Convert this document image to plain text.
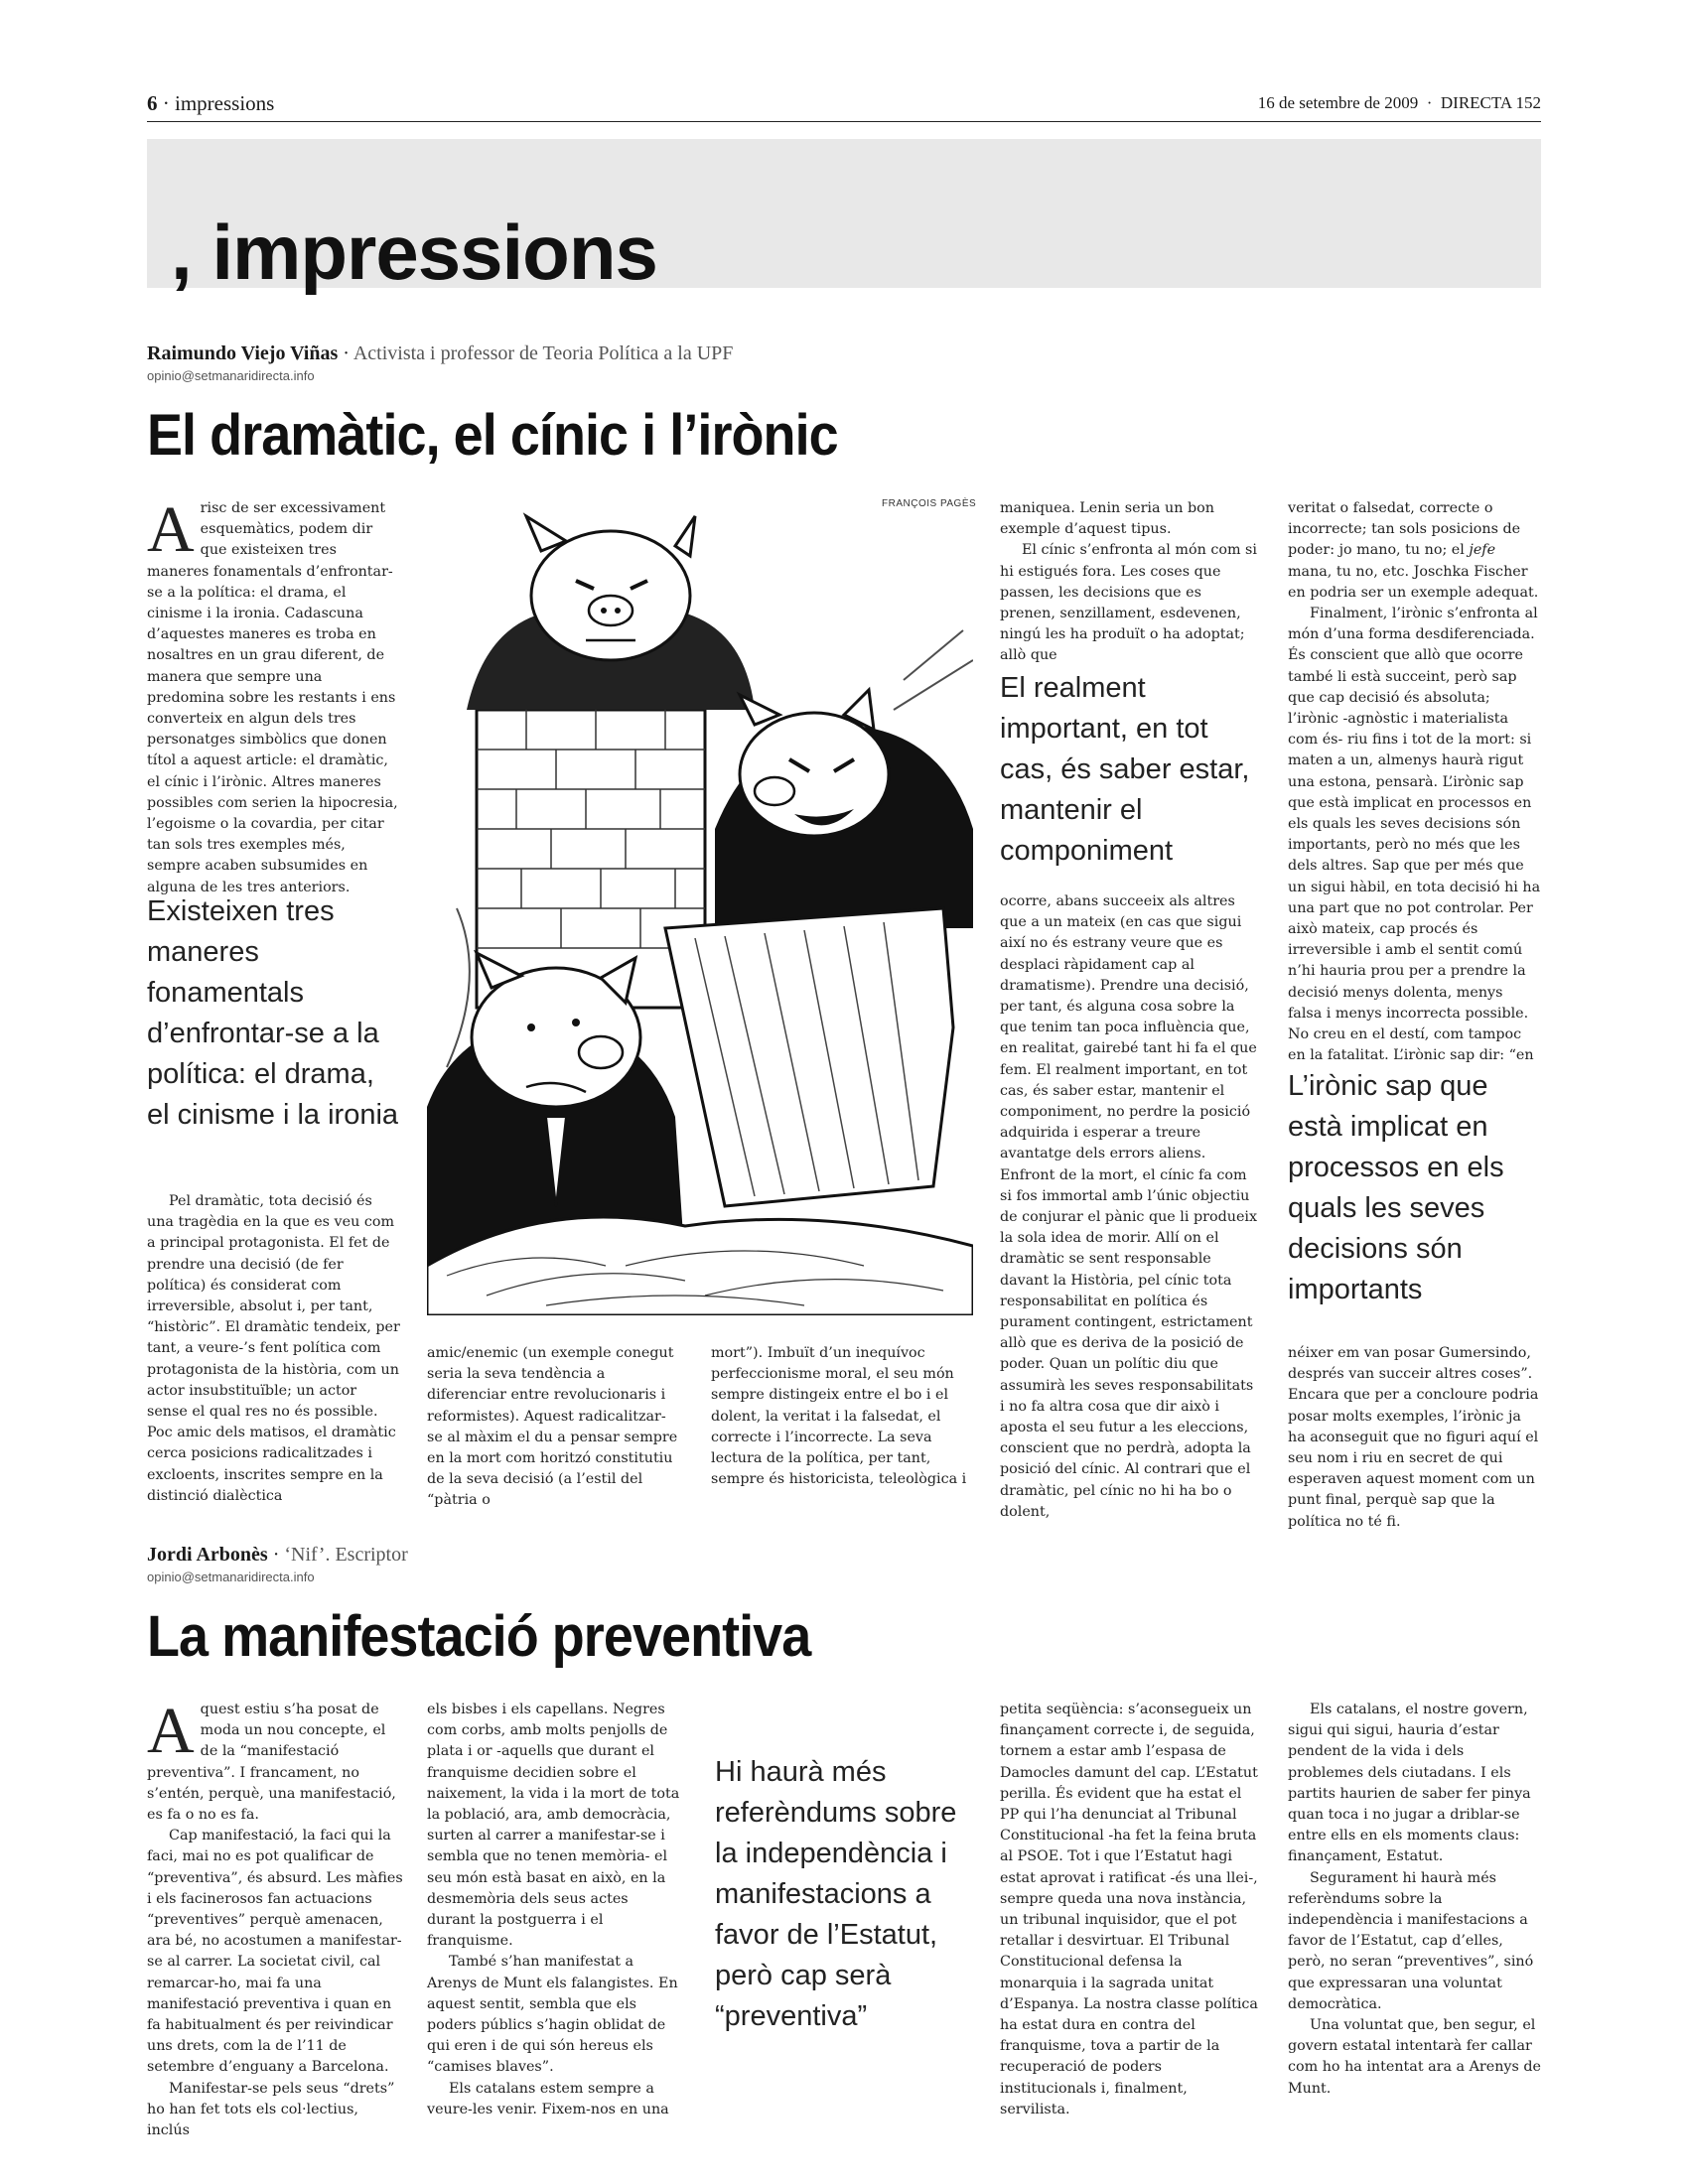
6 · impressions	16 de setembre de 2009 · DIRECTA 152
, impressions
Raimundo Viejo Viñas · Activista i professor de Teoria Política a la UPF
opinio@setmanaridirecta.info
El dramàtic, el cínic i l’irònic
A risc de ser excessivament esquemàtics, podem dir que existeixen tres maneres fonamentals d’enfrontar-se a la política: el drama, el cinisme i la ironia. Cadascuna d’aquestes maneres es troba en nosaltres en un grau diferent, de manera que sempre una predomina sobre les restants i ens converteix en algun dels tres personatges simbòlics que donen títol a aquest article: el dramàtic, el cínic i l’irònic. Altres maneres possibles com serien la hipocresia, l’egoisme o la covardia, per citar tan sols tres exemples més, sempre acaben subsumides en alguna de les tres anteriors.

Existeixen tres maneres fonamentals d’enfrontar-se a la política: el drama, el cinisme i la ironia

Pel dramàtic, tota decisió és una tragèdia en la que es veu com a principal protagonista. El fet de prendre una decisió (de fer política) és considerat com irreversible, absolut i, per tant, “històric”. El dramàtic tendeix, per tant, a veure-’s fent política com protagonista de la història, com un actor insubstituïble; un actor sense el qual res no és possible. Poc amic dels matisos, el dramàtic cerca posicions radicalitzades i excloents, inscrites sempre en la distinció dialèctica

FRANÇOIS PAGÈS

amic/enemic (un exemple conegut seria la seva tendència a diferenciar entre revolucionaris i reformistes). Aquest radicalitzar-se al màxim el du a pensar sempre en la mort com horitzó constitutiu de la seva decisió (a l’estil del “pàtria o

mort”). Imbuït d’un inequívoc perfeccionisme moral, el seu món sempre distingeix entre el bo i el dolent, la veritat i la falsedat, el correcte i l’incorrecte. La seva lectura de la política, per tant, sempre és historicista, teleològica i

maniquea. Lenin seria un bon exemple d’aquest tipus.

El cínic s’enfronta al món com si hi estigués fora. Les coses que passen, les decisions que es prenen, senzillament, esdevenen, ningú les ha produït o ha adoptat; allò que

El realment important, en tot cas, és saber estar, mantenir el componiment

ocorre, abans succeeix als altres que a un mateix (en cas que sigui així no és estrany veure que es desplaci ràpidament cap al dramatisme). Prendre una decisió, per tant, és alguna cosa sobre la que tenim tan poca influència que, en realitat, gairebé tant hi fa el que fem. El realment important, en tot cas, és saber estar, mantenir el componiment, no perdre la posició adquirida i esperar a treure avantatge dels errors aliens. Enfront de la mort, el cínic fa com si fos immortal amb l’únic objectiu de conjurar el pànic que li produeix la sola idea de morir. Allí on el dramàtic se sent responsable davant la Història, pel cínic tota responsabilitat en política és purament contingent, estrictament allò que es deriva de la posició de poder. Quan un polític diu que assumirà les seves responsabilitats i no fa altra cosa que dir això i aposta el seu futur a les eleccions, conscient que no perdrà, adopta la posició del cínic. Al contrari que el dramàtic, pel cínic no hi ha bo o dolent,

veritat o falsedat, correcte o incorrecte; tan sols posicions de poder: jo mano, tu no; el jefe mana, tu no, etc. Joschka Fischer en podria ser un exemple adequat.

Finalment, l’irònic s’enfronta al món d’una forma desdiferenciada. És conscient que allò que ocorre també li està succeint, però sap que cap decisió és absoluta; l’irònic -agnòstic i materialista com és- riu fins i tot de la mort: si maten a un, almenys haurà rigut una estona, pensarà. L’irònic sap que està implicat en processos en els quals les seves decisions són importants, però no més que les dels altres. Sap que per més que un sigui hàbil, en tota decisió hi ha una part que no pot controlar. Per això mateix, cap procés és irreversible i amb el sentit comú n’hi hauria prou per a prendre la decisió menys dolenta, menys falsa i menys incorrecta possible. No creu en el destí, com tampoc en la fatalitat. L’irònic sap dir: “en

L’irònic sap que està implicat en processos en els quals les seves decisions són importants

néixer em van posar Gumersindo, després van succeir altres coses”. Encara que per a concloure podria posar molts exemples, l’irònic ja ha aconseguit que no figuri aquí el seu nom i riu en secret de qui esperaven aquest moment com un punt final, perquè sap que la política no té fi.

Jordi Arbonès · ‘Nif’. Escriptor
opinio@setmanaridirecta.info
La manifestació preventiva
A quest estiu s’ha posat de moda un nou concepte, el de la “manifestació preventiva”. I francament, no s’entén, perquè, una manifestació, es fa o no es fa.

Cap manifestació, la faci qui la faci, mai no es pot qualificar de “preventiva”, és absurd. Les màfies i els facinerosos fan actuacions “preventives” perquè amenacen, ara bé, no acostumen a manifestar-se al carrer. La societat civil, cal remarcar-ho, mai fa una manifestació preventiva i quan en fa habitualment és per reivindicar uns drets, com la de l’11 de setembre d’enguany a Barcelona.

Manifestar-se pels seus “drets” ho han fet tots els col·lectius, inclús

els bisbes i els capellans. Negres com corbs, amb molts penjolls de plata i or -aquells que durant el franquisme decidien sobre el naixement, la vida i la mort de tota la població, ara, amb democràcia, surten al carrer a manifestar-se i sembla que no tenen memòria- el seu món està basat en això, en la desmemòria dels seus actes durant la postguerra i el franquisme.

També s’han manifestat a Arenys de Munt els falangistes. En aquest sentit, sembla que els poders públics s’hagin oblidat de qui eren i de qui són hereus els “camises blaves”.

Els catalans estem sempre a veure-les venir. Fixem-nos en una

Hi haurà més referèndums sobre la independència i manifestacions a favor de l’Estatut, però cap serà “preventiva”

petita seqüència: s’aconsegueix un finançament correcte i, de seguida, tornem a estar amb l’espasa de Damocles damunt del cap. L’Estatut perilla. És evident que ha estat el PP qui l’ha denunciat al Tribunal Constitucional -ha fet la feina bruta al PSOE. Tot i que l’Estatut hagi estat aprovat i ratificat -és una llei-, sempre queda una nova instància, un tribunal inquisidor, que el pot retallar i desvirtuar. El Tribunal Constitucional defensa la monarquia i la sagrada unitat d’Espanya. La nostra classe política ha estat dura en contra del franquisme, tova a partir de la recuperació de poders institucionals i, finalment, servilista.

Els catalans, el nostre govern, sigui qui sigui, hauria d’estar pendent de la vida i dels problemes dels ciutadans. I els partits haurien de saber fer pinya quan toca i no jugar a driblar-se entre ells en els moments claus: finançament, Estatut.

Segurament hi haurà més referèndums sobre la independència i manifestacions a favor de l’Estatut, cap d’elles, però, no seran “preventives”, sinó que expressaran una voluntat democràtica.

Una voluntat que, ben segur, el govern estatal intentarà fer callar com ho ha intentat ara a Arenys de Munt.
